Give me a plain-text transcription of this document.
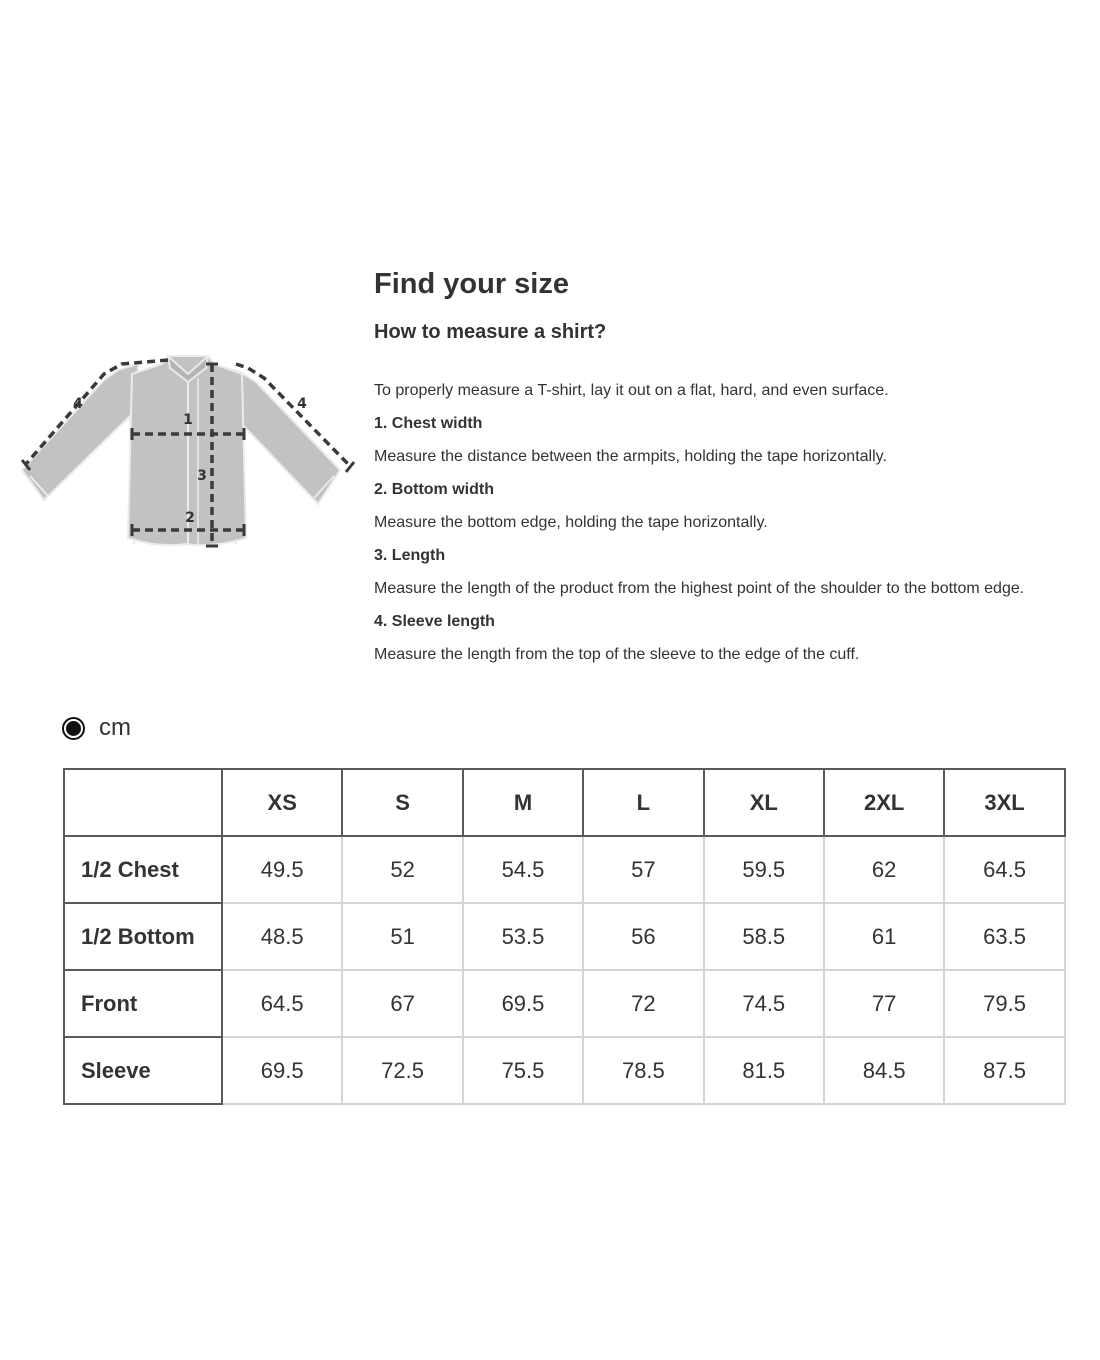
1
2
3
4	4
Find your size
How to measure a shirt?
To properly measure a T-shirt, lay it out on a flat, hard, and even surface.
1. Chest width
Measure the distance between the armpits, holding the tape horizontally.
2. Bottom width
Measure the bottom edge, holding the tape horizontally.
3. Length
Measure the length of the product from the highest point of the shoulder to the bottom edge.
4. Sleeve length
Measure the length from the top of the sleeve to the edge of the cuff.
cm
	XS	S	M	L	XL	2XL	3XL
1/2 Chest	49.5	52	54.5	57	59.5	62	64.5
1/2 Bottom	48.5	51	53.5	56	58.5	61	63.5
Front	64.5	67	69.5	72	74.5	77	79.5
Sleeve	69.5	72.5	75.5	78.5	81.5	84.5	87.5
